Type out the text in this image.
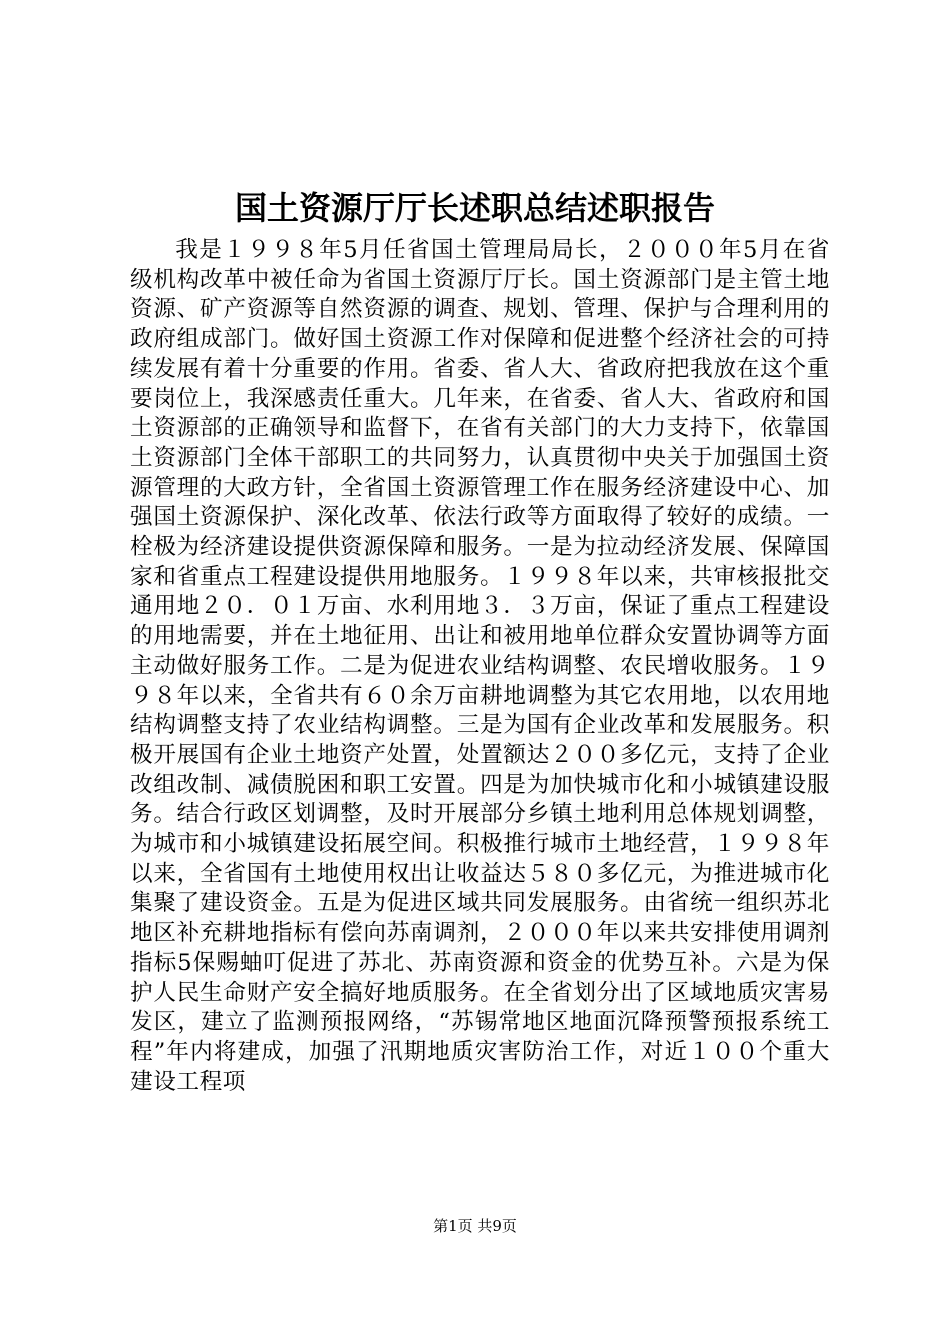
国土资源厅厅长述职总结述职报告

我是１９９８年5月任省国土管理局局长，２０００年5月在省级机构改革中被任命为省国土资源厅厅长。国土资源部门是主管土地资源、矿产资源等自然资源的调查、规划、管理、保护与合理利用的政府组成部门。做好国土资源工作对保障和促进整个经济社会的可持续发展有着十分重要的作用。省委、省人大、省政府把我放在这个重要岗位上，我深感责任重大。几年来，在省委、省人大、省政府和国土资源部的正确领导和监督下，在省有关部门的大力支持下，依靠国土资源部门全体干部职工的共同努力，认真贯彻中央关于加强国土资源管理的大政方针，全省国土资源管理工作在服务经济建设中心、加强国土资源保护、深化改革、依法行政等方面取得了较好的成绩。一栓极为经济建设提供资源保障和服务。一是为拉动经济发展、保障国家和省重点工程建设提供用地服务。１９９８年以来，共审核报批交通用地２０．０１万亩、水利用地３．３万亩，保证了重点工程建设的用地需要，并在土地征用、出让和被用地单位群众安置协调等方面主动做好服务工作。二是为促进农业结构调整、农民增收服务。１９９８年以来，全省共有６０余万亩耕地调整为其它农用地，以农用地结构调整支持了农业结构调整。三是为国有企业改革和发展服务。积极开展国有企业土地资产处置，处置额达２００多亿元，支持了企业改组改制、减债脱困和职工安置。四是为加快城市化和小城镇建设服务。结合行政区划调整，及时开展部分乡镇土地利用总体规划调整，为城市和小城镇建设拓展空间。积极推行城市土地经营，１９９８年以来，全省国有土地使用权出让收益达５８０多亿元，为推进城市化集聚了建设资金。五是为促进区域共同发展服务。由省统一组织苏北地区补充耕地指标有偿向苏南调剂，２０００年以来共安排使用调剂指标5保赐蚰叮促进了苏北、苏南资源和资金的优势互补。六是为保护人民生命财产安全搞好地质服务。在全省划分出了区域地质灾害易发区，建立了监测预报网络，“苏锡常地区地面沉降预警预报系统工程”年内将建成，加强了汛期地质灾害防治工作，对近１００个重大建设工程项

第1页 共9页
